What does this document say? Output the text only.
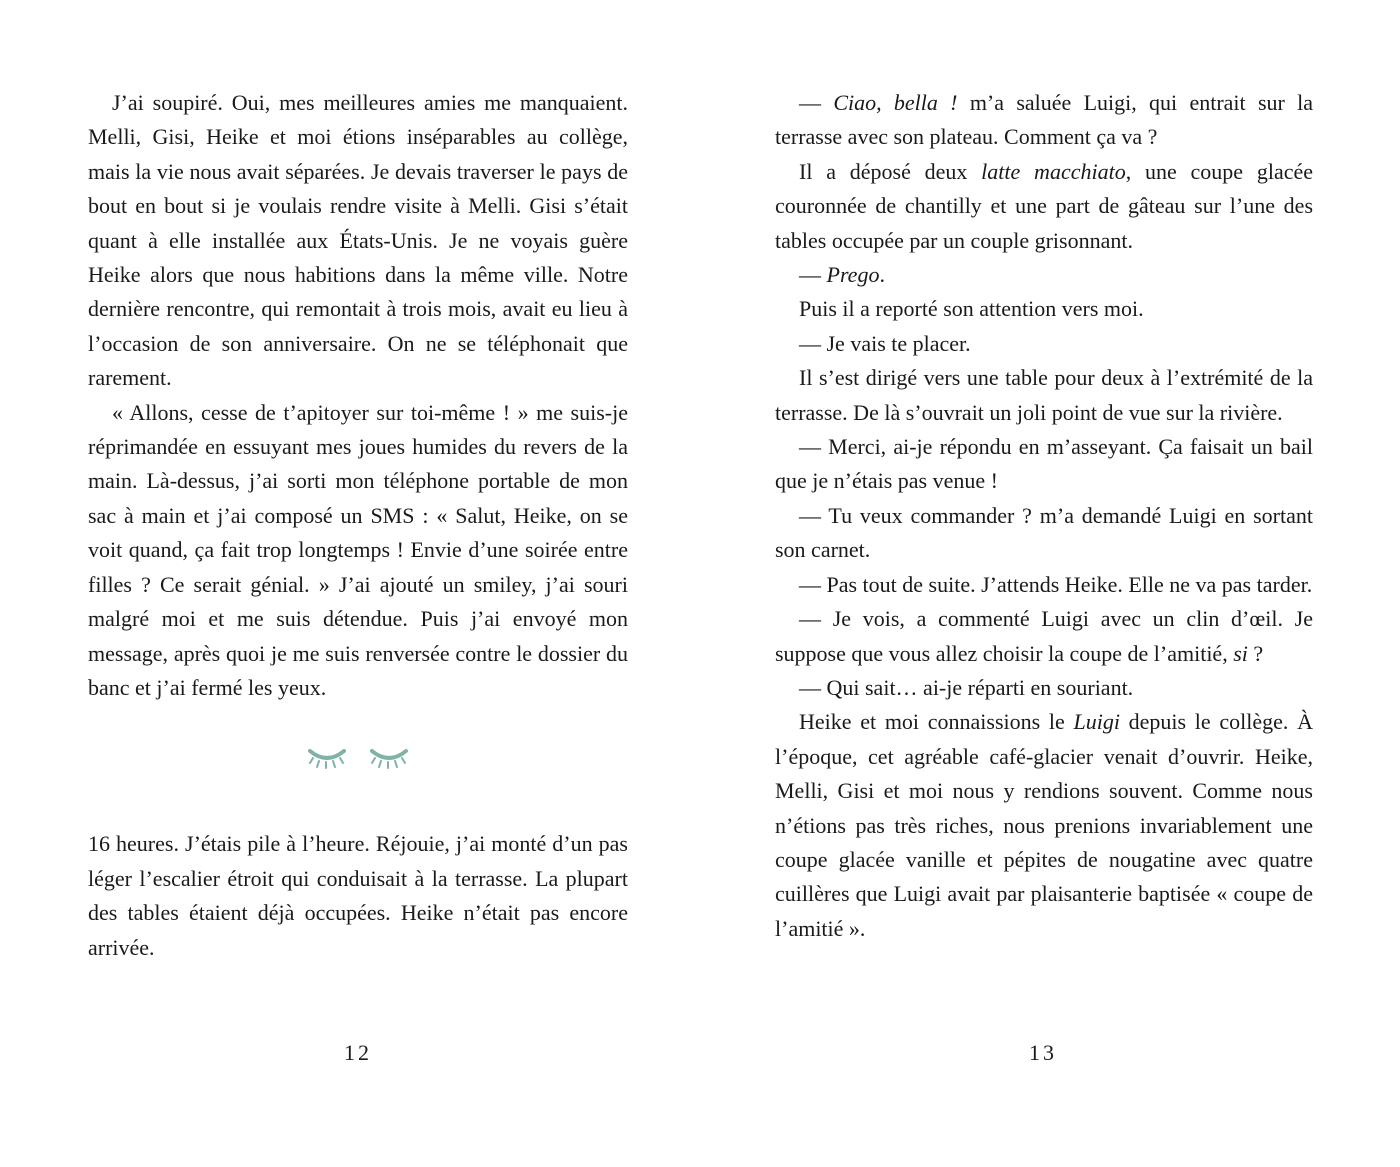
J’ai soupiré. Oui, mes meilleures amies me manquaient. Melli, Gisi, Heike et moi étions inséparables au collège, mais la vie nous avait séparées. Je devais traverser le pays de bout en bout si je voulais rendre visite à Melli. Gisi s’était quant à elle installée aux États-Unis. Je ne voyais guère Heike alors que nous habitions dans la même ville. Notre dernière rencontre, qui remontait à trois mois, avait eu lieu à l’occasion de son anniversaire. On ne se téléphonait que rarement.

« Allons, cesse de t’apitoyer sur toi-même ! » me suis-je réprimandée en essuyant mes joues humides du revers de la main. Là-dessus, j’ai sorti mon téléphone portable de mon sac à main et j’ai composé un SMS : « Salut, Heike, on se voit quand, ça fait trop longtemps ! Envie d’une soirée entre filles ? Ce serait génial. » J’ai ajouté un smiley, j’ai souri malgré moi et me suis détendue. Puis j’ai envoyé mon message, après quoi je me suis renversée contre le dossier du banc et j’ai fermé les yeux.

16 heures. J’étais pile à l’heure. Réjouie, j’ai monté d’un pas léger l’escalier étroit qui conduisait à la terrasse. La plupart des tables étaient déjà occupées. Heike n’était pas encore arrivée.

12

— Ciao, bella ! m’a saluée Luigi, qui entrait sur la terrasse avec son plateau. Comment ça va ?

Il a déposé deux latte macchiato, une coupe glacée couronnée de chantilly et une part de gâteau sur l’une des tables occupée par un couple grisonnant.

— Prego.

Puis il a reporté son attention vers moi.

— Je vais te placer.

Il s’est dirigé vers une table pour deux à l’extrémité de la terrasse. De là s’ouvrait un joli point de vue sur la rivière.

— Merci, ai-je répondu en m’asseyant. Ça faisait un bail que je n’étais pas venue !

— Tu veux commander ? m’a demandé Luigi en sortant son carnet.

— Pas tout de suite. J’attends Heike. Elle ne va pas tarder.

— Je vois, a commenté Luigi avec un clin d’œil. Je suppose que vous allez choisir la coupe de l’amitié, si ?

— Qui sait… ai-je réparti en souriant.

Heike et moi connaissions le Luigi depuis le collège. À l’époque, cet agréable café-glacier venait d’ouvrir. Heike, Melli, Gisi et moi nous y rendions souvent. Comme nous n’étions pas très riches, nous prenions invariablement une coupe glacée vanille et pépites de nougatine avec quatre cuillères que Luigi avait par plaisanterie baptisée « coupe de l’amitié ».

13
